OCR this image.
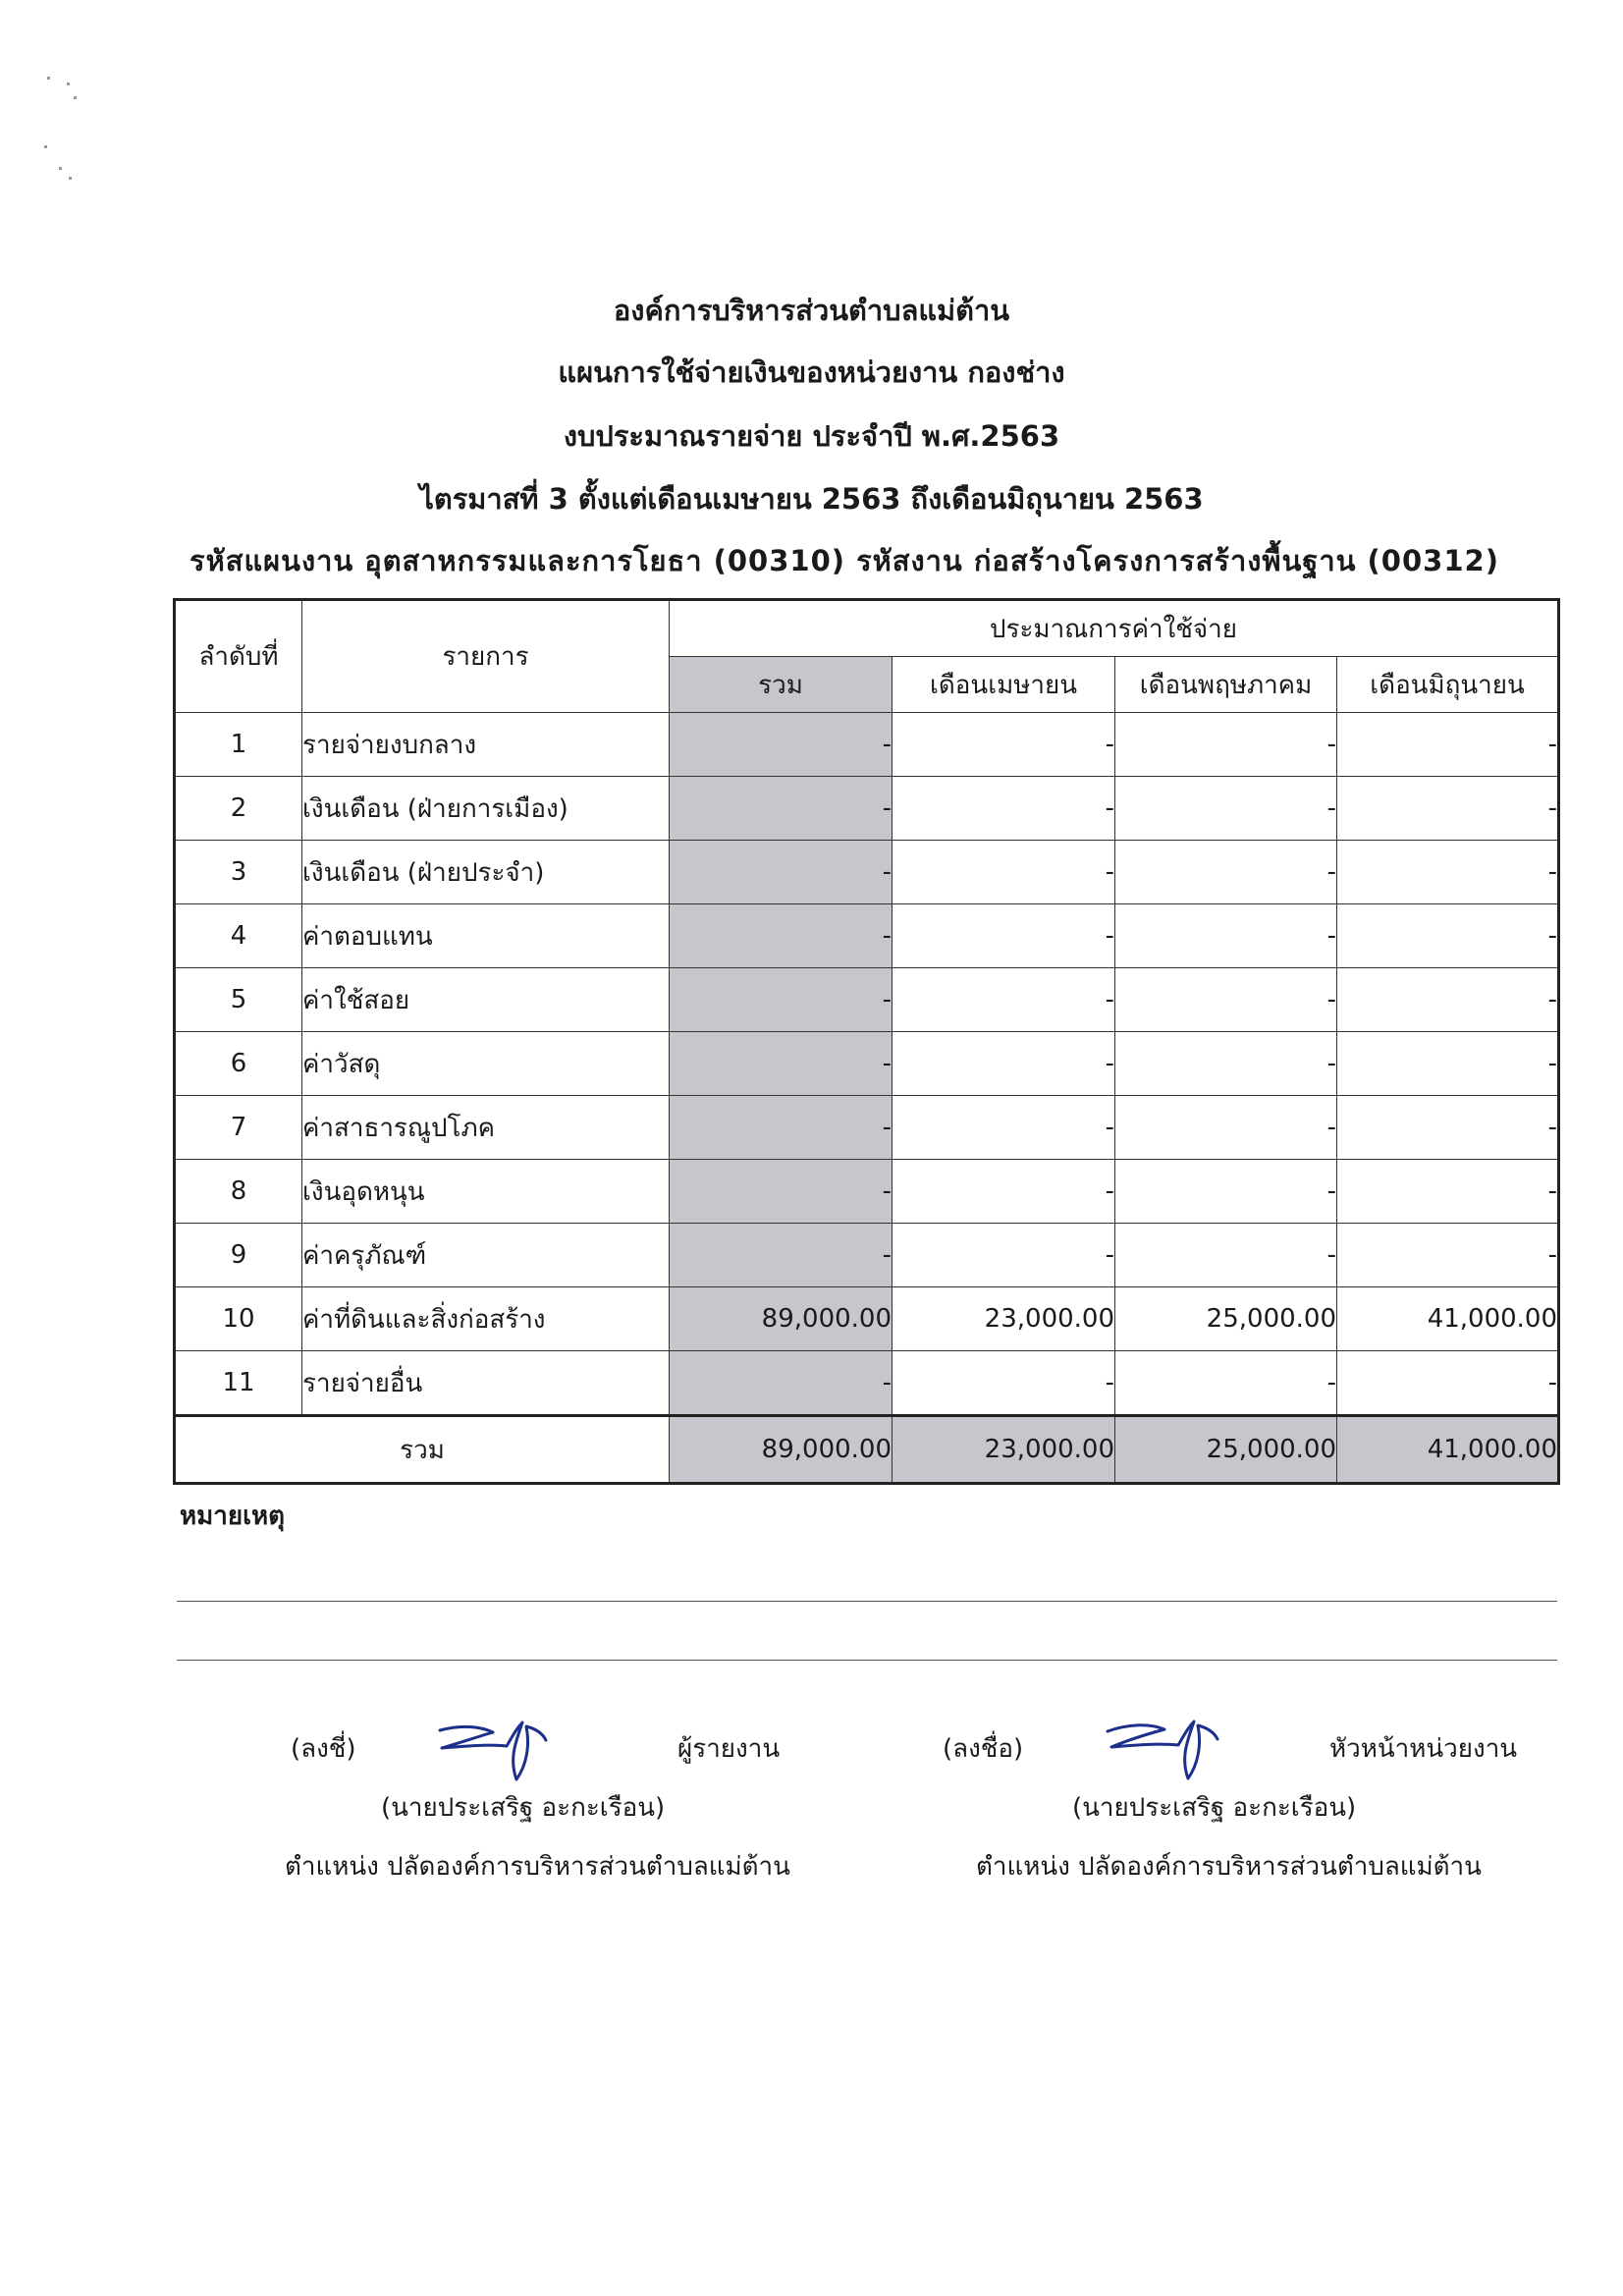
องค์การบริหารส่วนตำบลแม่ต้าน
แผนการใช้จ่ายเงินของหน่วยงาน กองช่าง
งบประมาณรายจ่าย ประจำปี พ.ศ.2563
ไตรมาสที่ 3 ตั้งแต่เดือนเมษายน 2563 ถึงเดือนมิถุนายน 2563
รหัสแผนงาน อุตสาหกรรมและการโยธา (00310) รหัสงาน ก่อสร้างโครงการสร้างพื้นฐาน (00312)
ลำดับที่	รายการ	ประมาณการค่าใช้จ่าย			
		รวม	เดือนเมษายน	เดือนพฤษภาคม	เดือนมิถุนายน
1	รายจ่ายงบกลาง	-	-	-	-
2	เงินเดือน (ฝ่ายการเมือง)	-	-	-	-
3	เงินเดือน (ฝ่ายประจำ)	-	-	-	-
4	ค่าตอบแทน	-	-	-	-
5	ค่าใช้สอย	-	-	-	-
6	ค่าวัสดุ	-	-	-	-
7	ค่าสาธารณูปโภค	-	-	-	-
8	เงินอุดหนุน	-	-	-	-
9	ค่าครุภัณฑ์	-	-	-	-
10	ค่าที่ดินและสิ่งก่อสร้าง	89,000.00	23,000.00	25,000.00	41,000.00
11	รายจ่ายอื่น	-	-	-	-
รวม		89,000.00	23,000.00	25,000.00	41,000.00
หมายเหตุ
(ลงชี่)	ผู้รายงาน
(นายประเสริฐ อะกะเรือน)
ตำแหน่ง ปลัดองค์การบริหารส่วนตำบลแม่ต้าน
(ลงชื่อ)	หัวหน้าหน่วยงาน
(นายประเสริฐ อะกะเรือน)
ตำแหน่ง ปลัดองค์การบริหารส่วนตำบลแม่ต้าน
